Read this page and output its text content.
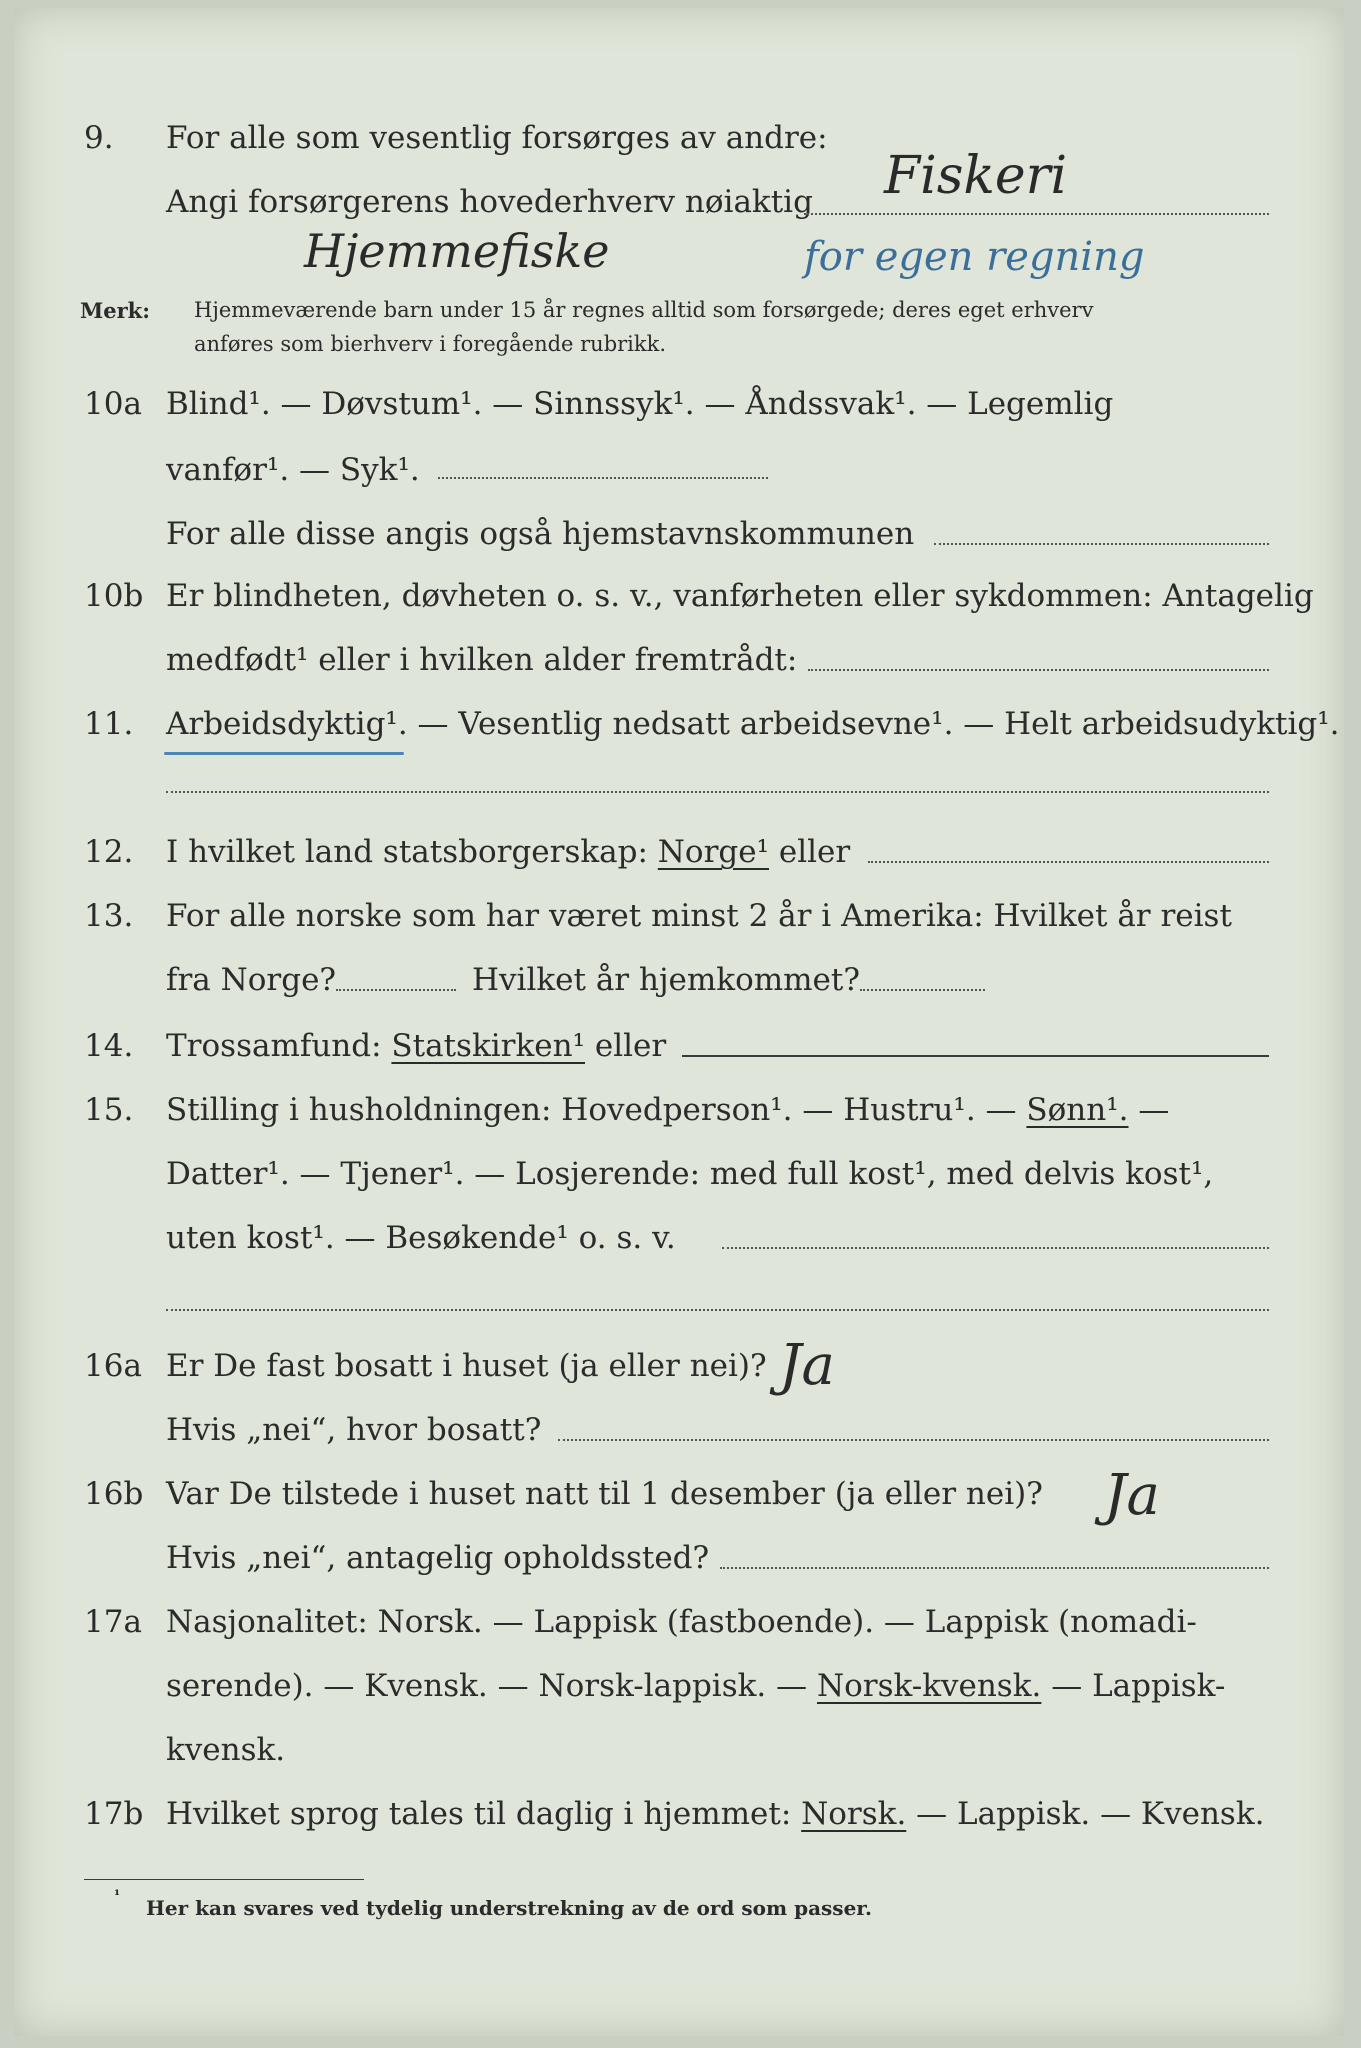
9. For alle som vesentlig forsørges av andre:
Angi forsørgerens hovederhverv nøiaktig Fiskeri
Hjemmefiske	for egen regning
Merk: Hjemmeværende barn under 15 år regnes alltid som forsørgede; deres eget erhverv
anføres som bierhverv i foregående rubrikk.
10a Blind¹. — Døvstum¹. — Sinnssyk¹. — Åndssvak¹. — Legemlig
vanfør¹. — Syk¹.
For alle disse angis også hjemstavnskommunen
10b Er blindheten, døvheten o. s. v., vanførheten eller sykdommen: Antagelig
medfødt¹ eller i hvilken alder fremtrådt:
11. Arbeidsdyktig¹. — Vesentlig nedsatt arbeidsevne¹. — Helt arbeidsudyktig¹.
12. I hvilket land statsborgerskap: Norge¹ eller
13. For alle norske som har været minst 2 år i Amerika: Hvilket år reist
fra Norge?	Hvilket år hjemkommet?
14. Trossamfund: Statskirken¹ eller
15. Stilling i husholdningen: Hovedperson¹. — Hustru¹. — Sønn¹. —
Datter¹. — Tjener¹. — Losjerende: med full kost¹, med delvis kost¹,
uten kost¹. — Besøkende¹ o. s. v.
16a Er De fast bosatt i huset (ja eller nei)? Ja
Hvis „nei“, hvor bosatt?
16b Var De tilstede i huset natt til 1 desember (ja eller nei)? Ja
Hvis „nei“, antagelig opholdssted?
17a Nasjonalitet: Norsk. — Lappisk (fastboende). — Lappisk (nomadi-
serende). — Kvensk. — Norsk-lappisk. — Norsk-kvensk. — Lappisk-
kvensk.
17b Hvilket sprog tales til daglig i hjemmet: Norsk. — Lappisk. — Kvensk.
¹ Her kan svares ved tydelig understrekning av de ord som passer.
